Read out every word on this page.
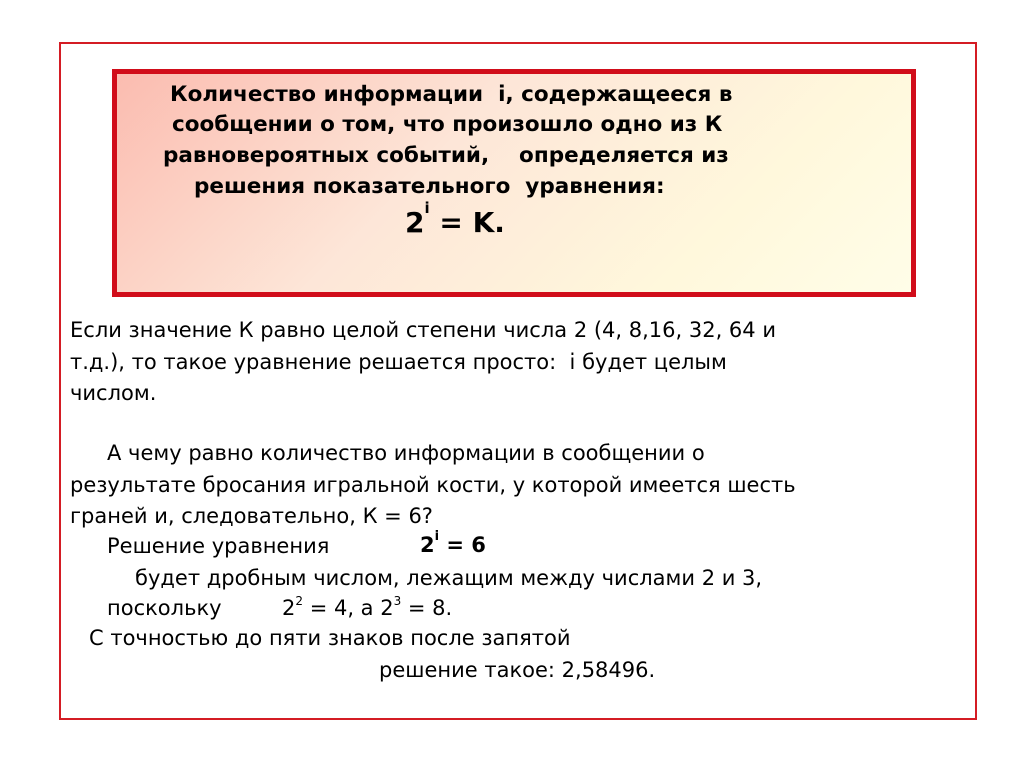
Количество информации  i, содержащееся в
сообщении о том, что произошло одно из К
равновероятных событий,    определяется из
решения показательного  уравнения:
$2^i = K$.
Если значение К равно целой степени числа 2 (4, 8,16, 32, 64 и
т.д.), то такое уравнение решается просто:  i будет целым
числом.
А чему равно количество информации в сообщении о
результате бросания игральной кости, у которой имеется шесть
граней и, следовательно, К = 6?
Решение уравнения	$2^i = 6$
будет дробным числом, лежащим между числами 2 и 3,
поскольку	$2^2 = 4$, а $2^3 = 8$.
С точностью до пяти знаков после запятой
решение такое: 2,58496.
